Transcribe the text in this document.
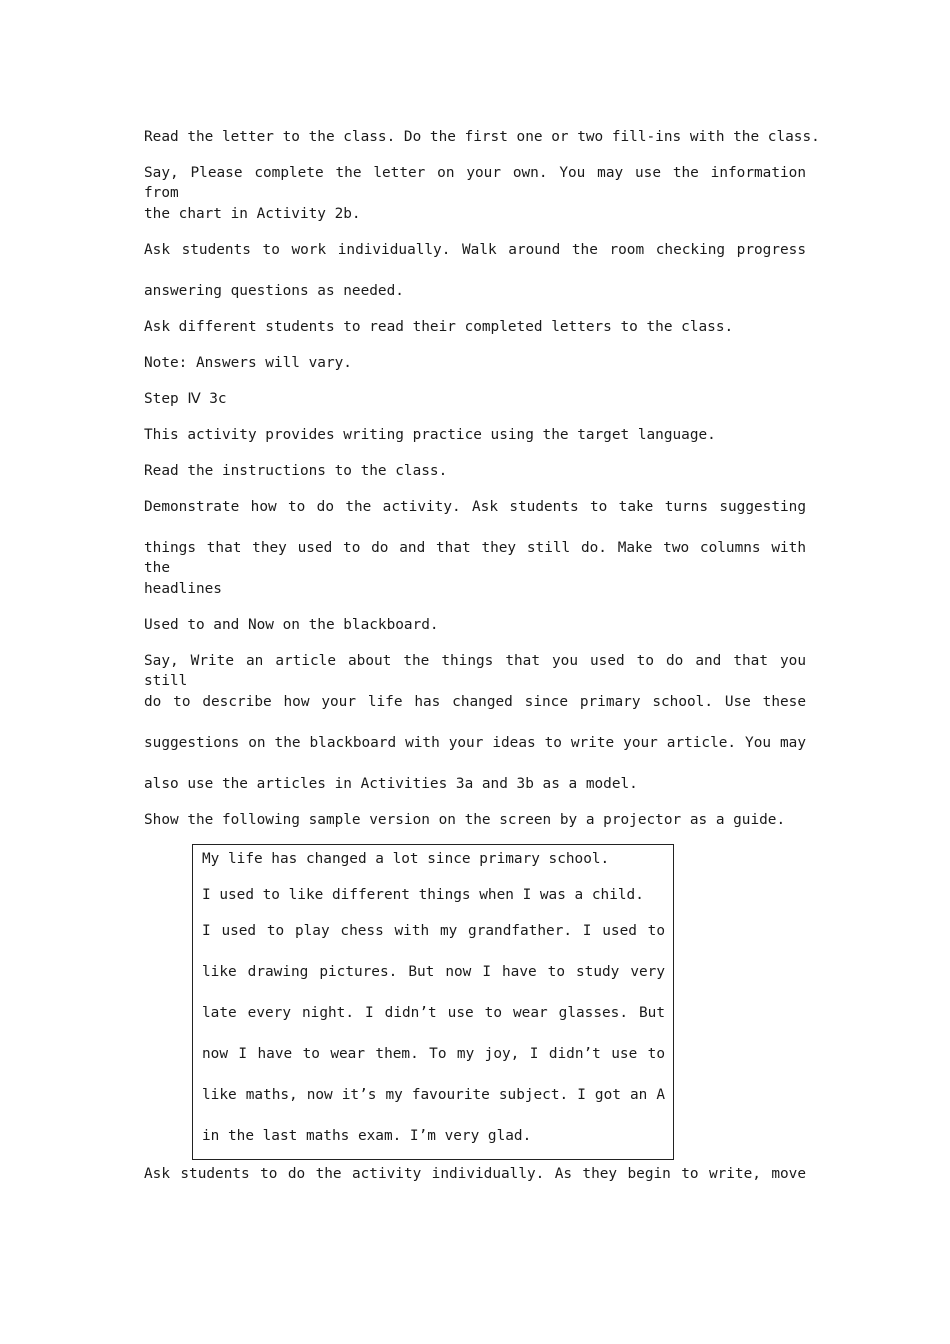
Read the letter to the class. Do the first one or two fill-ins with the class.
Say, Please complete the letter on your own. You may use the information from
the chart in Activity 2b.
Ask students to work individually. Walk around the room checking progress
answering questions as needed.
Ask different students to read their completed letters to the class.
Note: Answers will vary.
Step Ⅳ 3c
This activity provides writing practice using the target language.
Read the instructions to the class.
Demonstrate how to do the activity. Ask students to take turns suggesting
things that they used to do and that they still do. Make two columns with the
headlines
Used to and Now on the blackboard.
Say, Write an article about the things that you used to do and that you still
do to describe how your life has changed since primary school. Use these
suggestions on the blackboard with your ideas to write your article. You may
also use the articles in Activities 3a and 3b as a model.
Show the following sample version on the screen by a projector as a guide.
My life has changed a lot since primary school.
I used to like different things when I was a child.
I used to play chess with my grandfather. I used to
like drawing pictures. But now I have to study very
late every night. I didn’t use to wear glasses. But
now I have to wear them. To my joy, I didn’t use to
like maths, now it’s my favourite subject. I got an A
in the last maths exam. I’m very glad.
Ask students to do the activity individually. As they begin to write, move
